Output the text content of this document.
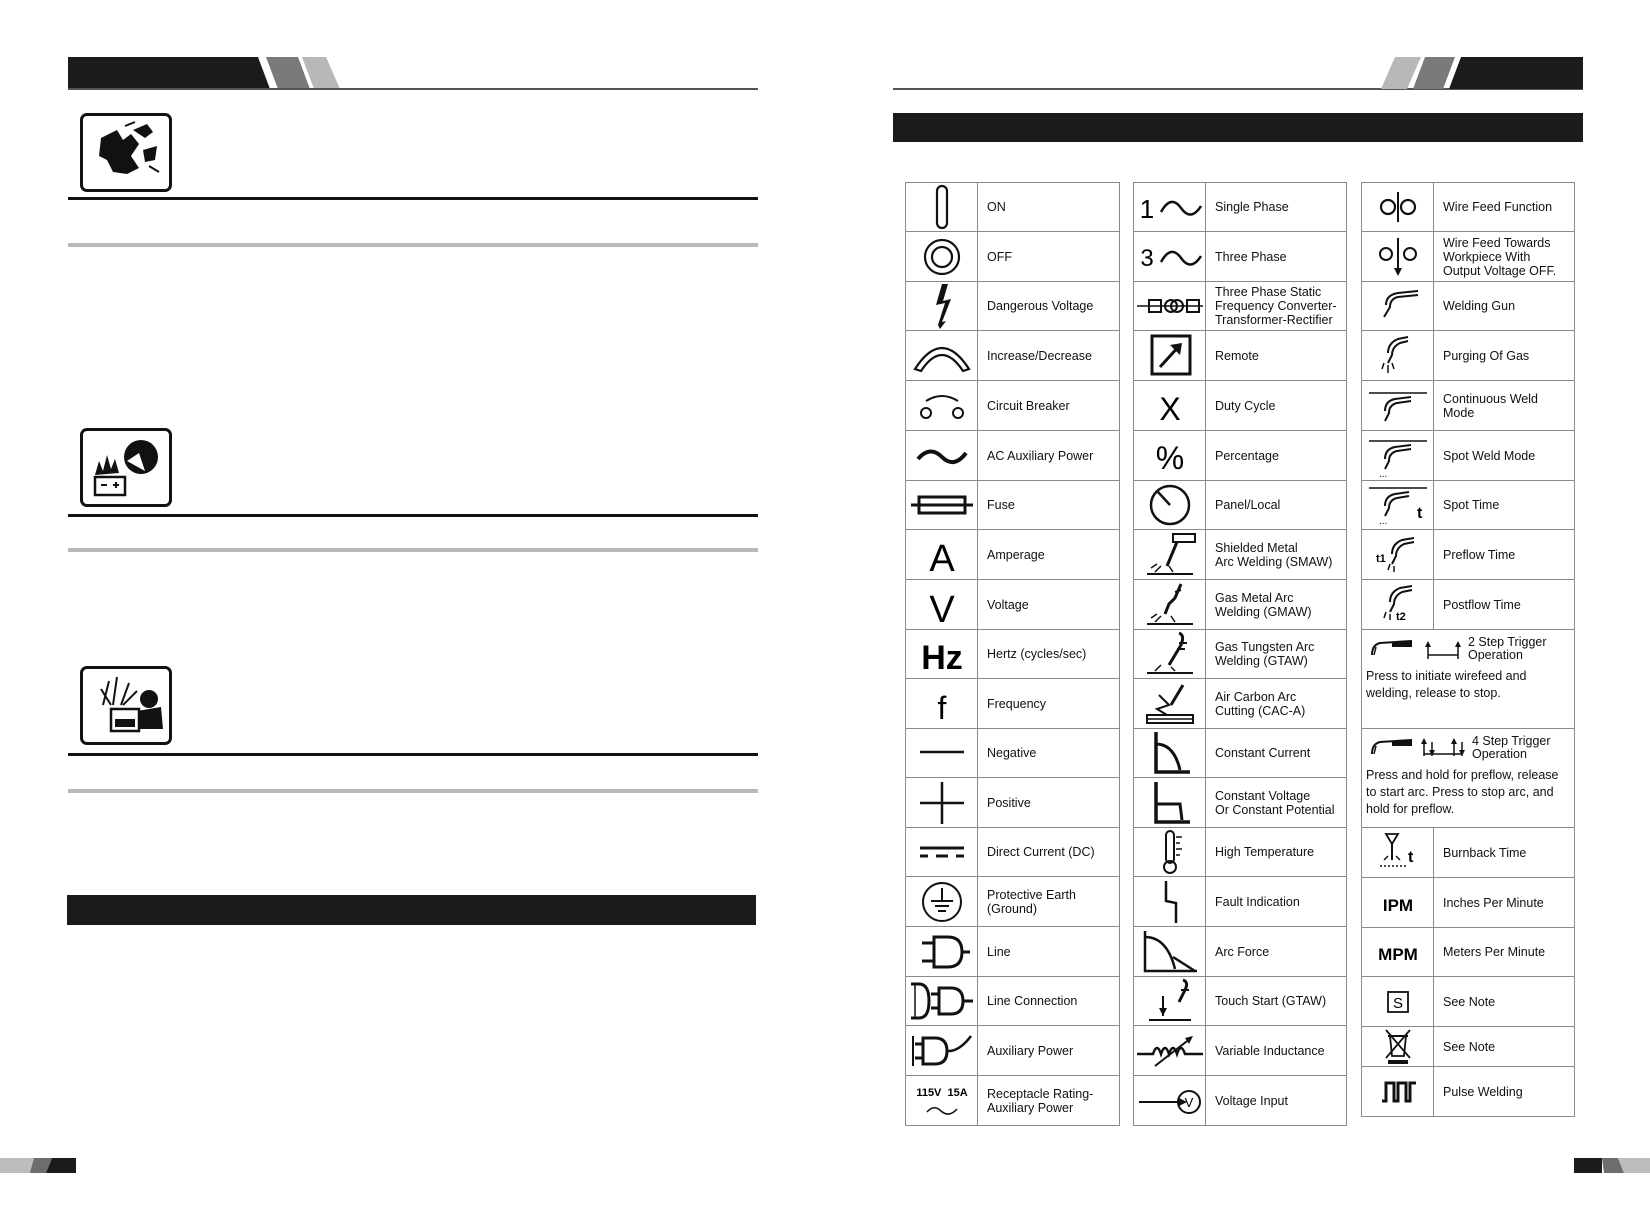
	ON

	OFF

	Dangerous Voltage

	Increase/Decrease

	Circuit Breaker

	AC Auxiliary Power

	Fuse

A	Amperage

V	Voltage

Hz	Hertz (cycles/sec)

f	Frequency

	Negative

	Positive

	Direct Current (DC)

	Protective Earth
(Ground)

	Line

	Line Connection

	Auxiliary Power

115V  15A	Receptacle Rating-
Auxiliary Power
1	Single Phase

3	Three Phase

	Three Phase Static
Frequency Converter-
Transformer-Rectifier

	Remote

X	Duty Cycle

%	Percentage

	Panel/Local

	Shielded Metal
Arc Welding (SMAW)

	Gas Metal Arc
Welding (GMAW)

	Gas Tungsten Arc
Welding (GTAW)

	Air Carbon Arc
Cutting (CAC-A)

	Constant Current

	Constant Voltage
Or Constant Potential

	High Temperature

	Fault Indication

	Arc Force

	Touch Start (GTAW)

	Variable Inductance

V	Voltage Input
	Wire Feed Function

	Wire Feed Towards
Workpiece With
Output Voltage OFF.

	Welding Gun

	Purging Of Gas

	Continuous Weld
Mode

...	Spot Weld Mode

... t	Spot Time

t1	Preflow Time

t2	Postflow Time

2 Step Trigger
Operation
Press to initiate wirefeed and
welding, release to stop.	

4 Step Trigger
Operation
Press and hold for preflow, release
to start arc. Press to stop arc, and
hold for preflow.	

t	Burnback Time

IPM	Inches Per Minute

MPM	Meters Per Minute

S	See Note

	See Note

	Pulse Welding
